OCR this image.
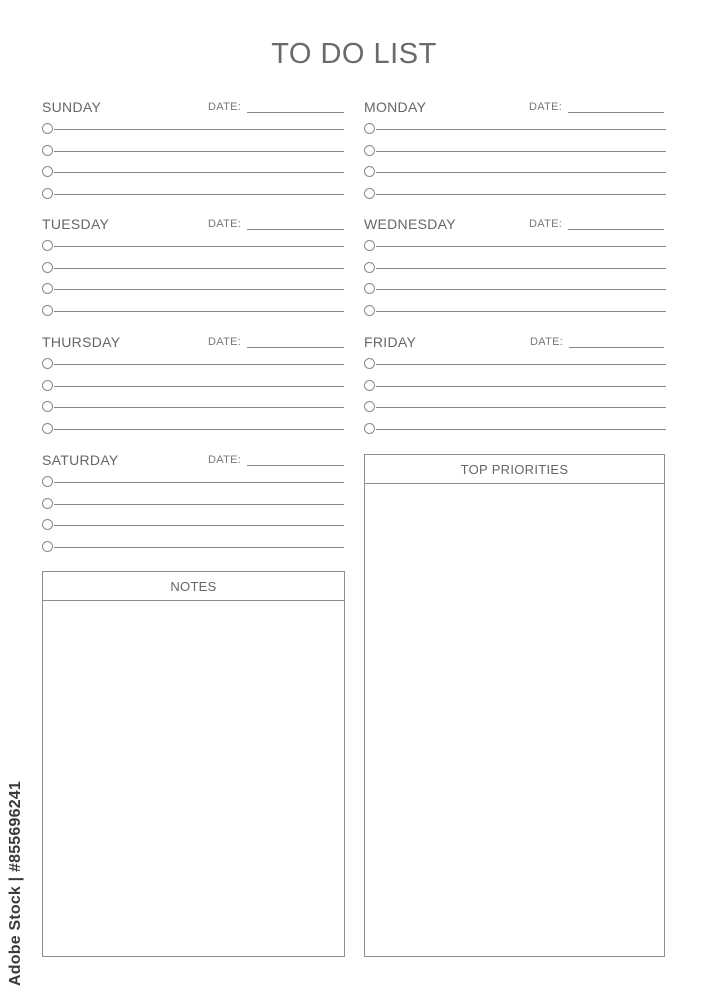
TO DO LIST
SUNDAY	DATE:
TUESDAY	DATE:
THURSDAY	DATE:
SATURDAY	DATE:
MONDAY	DATE:
WEDNESDAY	DATE:
FRIDAY	DATE:
NOTES
TOP PRIORITIES
Adobe Stock | #855696241
